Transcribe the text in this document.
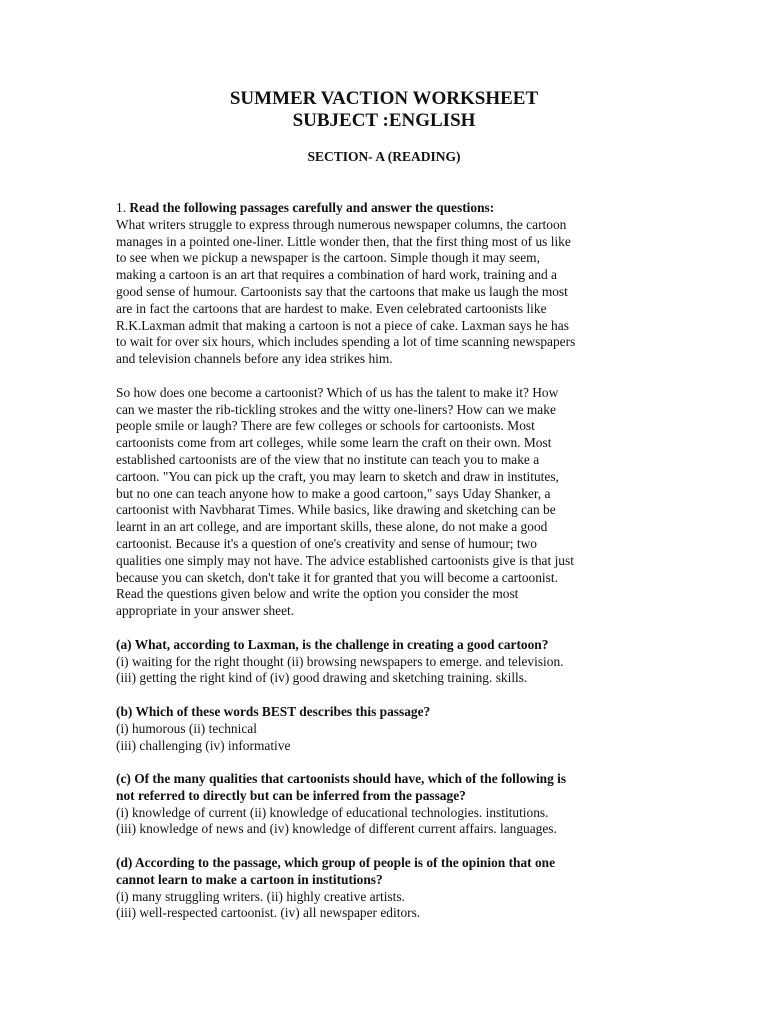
SUMMER VACTION WORKSHEET
SUBJECT :ENGLISH
SECTION- A (READING)

1. Read the following passages carefully and answer the questions:

What writers struggle to express through numerous newspaper columns, the cartoon

manages in a pointed one-liner. Little wonder then, that the first thing most of us like

to see when we pickup a newspaper is the cartoon. Simple though it may seem,

making a cartoon is an art that requires a combination of hard work, training and a

good sense of humour. Cartoonists say that the cartoons that make us laugh the most

are in fact the cartoons that are hardest to make. Even celebrated cartoonists like

R.K.Laxman admit that making a cartoon is not a piece of cake. Laxman says he has

to wait for over six hours, which includes spending a lot of time scanning newspapers

and television channels before any idea strikes him.

So how does one become a cartoonist? Which of us has the talent to make it? How

can we master the rib-tickling strokes and the witty one-liners? How can we make

people smile or laugh? There are few colleges or schools for cartoonists. Most

cartoonists come from art colleges, while some learn the craft on their own. Most

established cartoonists are of the view that no institute can teach you to make a

cartoon. "You can pick up the craft, you may learn to sketch and draw in institutes,

but no one can teach anyone how to make a good cartoon," says Uday Shanker, a

cartoonist with Navbharat Times. While basics, like drawing and sketching can be

learnt in an art college, and are important skills, these alone, do not make a good

cartoonist. Because it's a question of one's creativity and sense of humour; two

qualities one simply may not have. The advice established cartoonists give is that just

because you can sketch, don't take it for granted that you will become a cartoonist.

Read the questions given below and write the option you consider the most

appropriate in your answer sheet.

(a) What, according to Laxman, is the challenge in creating a good cartoon?

(i) waiting for the right thought (ii) browsing newspapers to emerge. and television.

(iii) getting the right kind of (iv) good drawing and sketching training. skills.

(b) Which of these words BEST describes this passage?

(i) humorous (ii) technical

(iii) challenging (iv) informative

(c) Of the many qualities that cartoonists should have, which of the following is

not referred to directly but can be inferred from the passage?

(i) knowledge of current (ii) knowledge of educational technologies. institutions.

(iii) knowledge of news and (iv) knowledge of different current affairs. languages.

(d) According to the passage, which group of people is of the opinion that one

cannot learn to make a cartoon in institutions?

(i) many struggling writers. (ii) highly creative artists.

(iii) well-respected cartoonist. (iv) all newspaper editors.
